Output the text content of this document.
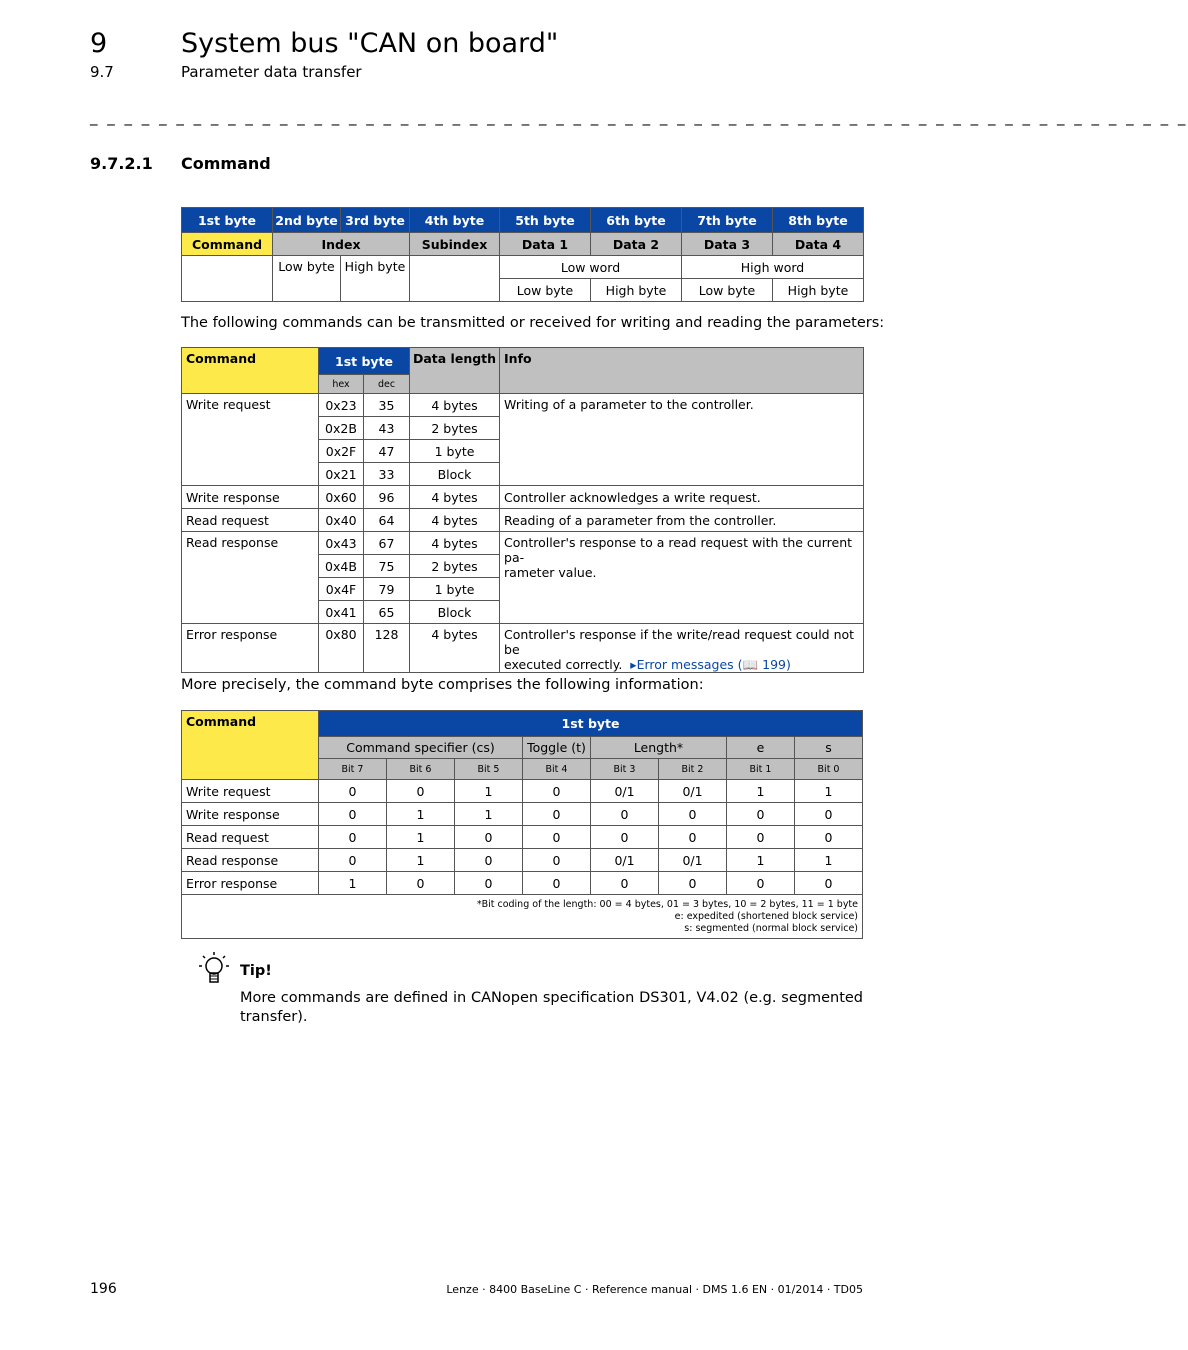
9	System bus "CAN on board"
9.7	Parameter data transfer
_ _ _ _ _ _ _ _ _ _ _ _ _ _ _ _ _ _ _ _ _ _ _ _ _ _ _ _ _ _ _ _ _ _ _ _ _ _ _ _ _ _ _ _ _ _ _ _ _ _ _ _ _ _ _ _ _ _ _ _ _ _ _ _
9.7.2.1 Command
1st byte	2nd byte	3rd byte	4th byte	5th byte	6th byte	7th byte	8th byte
Command	Index		Subindex	Data 1	Data 2	Data 3	Data 4
	Low byte	High byte		Low word		High word	
				Low byte	High byte	Low byte	High byte
The following commands can be transmitted or received for writing and reading the parameters:
Command	1st byte		Data length	Info
	hex	dec		
Write request	0x23	35	4 bytes	Writing of a parameter to the controller.
	0x2B	43	2 bytes	
	0x2F	47	1 byte	
	0x21	33	Block	
Write response	0x60	96	4 bytes	Controller acknowledges a write request.
Read request	0x40	64	4 bytes	Reading of a parameter from the controller.
Read response	0x43	67	4 bytes	Controller's response to a read request with the current pa-
rameter value.
	0x4B	75	2 bytes	
	0x4F	79	1 byte	
	0x41	65	Block	
Error response	0x80	128	4 bytes	Controller's response if the write/read request could not be
executed correctly. ▸Error messages (📖 199)
More precisely, the command byte comprises the following information:
Command	1st byte							
	Command specifier (cs)			Toggle (t)	Length*		e	s
	Bit 7	Bit 6	Bit 5	Bit 4	Bit 3	Bit 2	Bit 1	Bit 0
Write request	0	0	1	0	0/1	0/1	1	1
Write response	0	1	1	0	0	0	0	0
Read request	0	1	0	0	0	0	0	0
Read response	0	1	0	0	0/1	0/1	1	1
Error response	1	0	0	0	0	0	0	0
*Bit coding of the length: 00 = 4 bytes, 01 = 3 bytes, 10 = 2 bytes, 11 = 1 byte
e: expedited (shortened block service)
s: segmented (normal block service)								
Tip!
More commands are defined in CANopen specification DS301, V4.02 (e.g. segmented transfer).
196	Lenze · 8400 BaseLine C · Reference manual · DMS 1.6 EN · 01/2014 · TD05
